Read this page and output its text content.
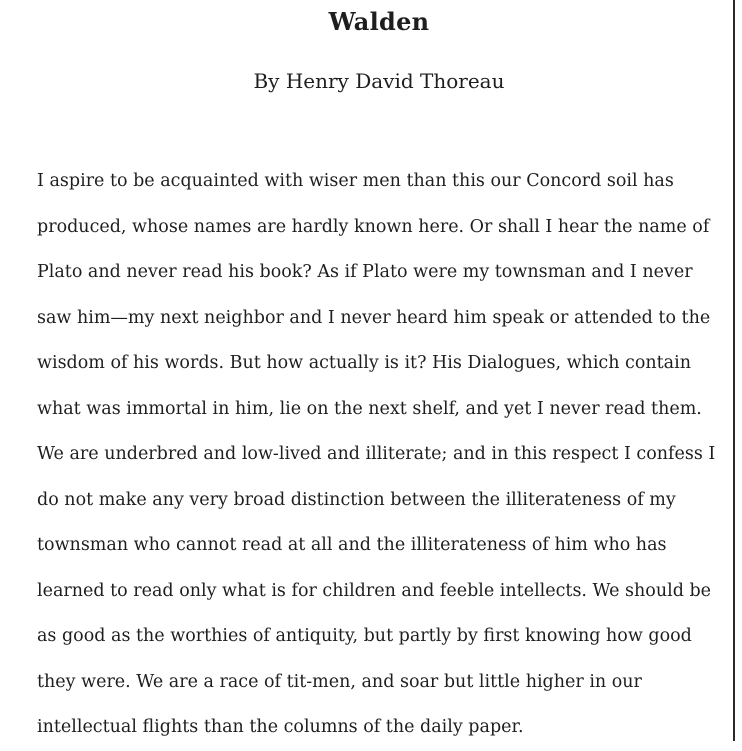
Walden
By Henry David Thoreau

I aspire to be acquainted with wiser men than this our Concord soil has
produced, whose names are hardly known here. Or shall I hear the name of
Plato and never read his book? As if Plato were my townsman and I never
saw him—my next neighbor and I never heard him speak or attended to the
wisdom of his words. But how actually is it? His Dialogues, which contain
what was immortal in him, lie on the next shelf, and yet I never read them.
We are underbred and low-lived and illiterate; and in this respect I confess I
do not make any very broad distinction between the illiterateness of my
townsman who cannot read at all and the illiterateness of him who has
learned to read only what is for children and feeble intellects. We should be
as good as the worthies of antiquity, but partly by first knowing how good
they were. We are a race of tit-men, and soar but little higher in our
intellectual flights than the columns of the daily paper.
